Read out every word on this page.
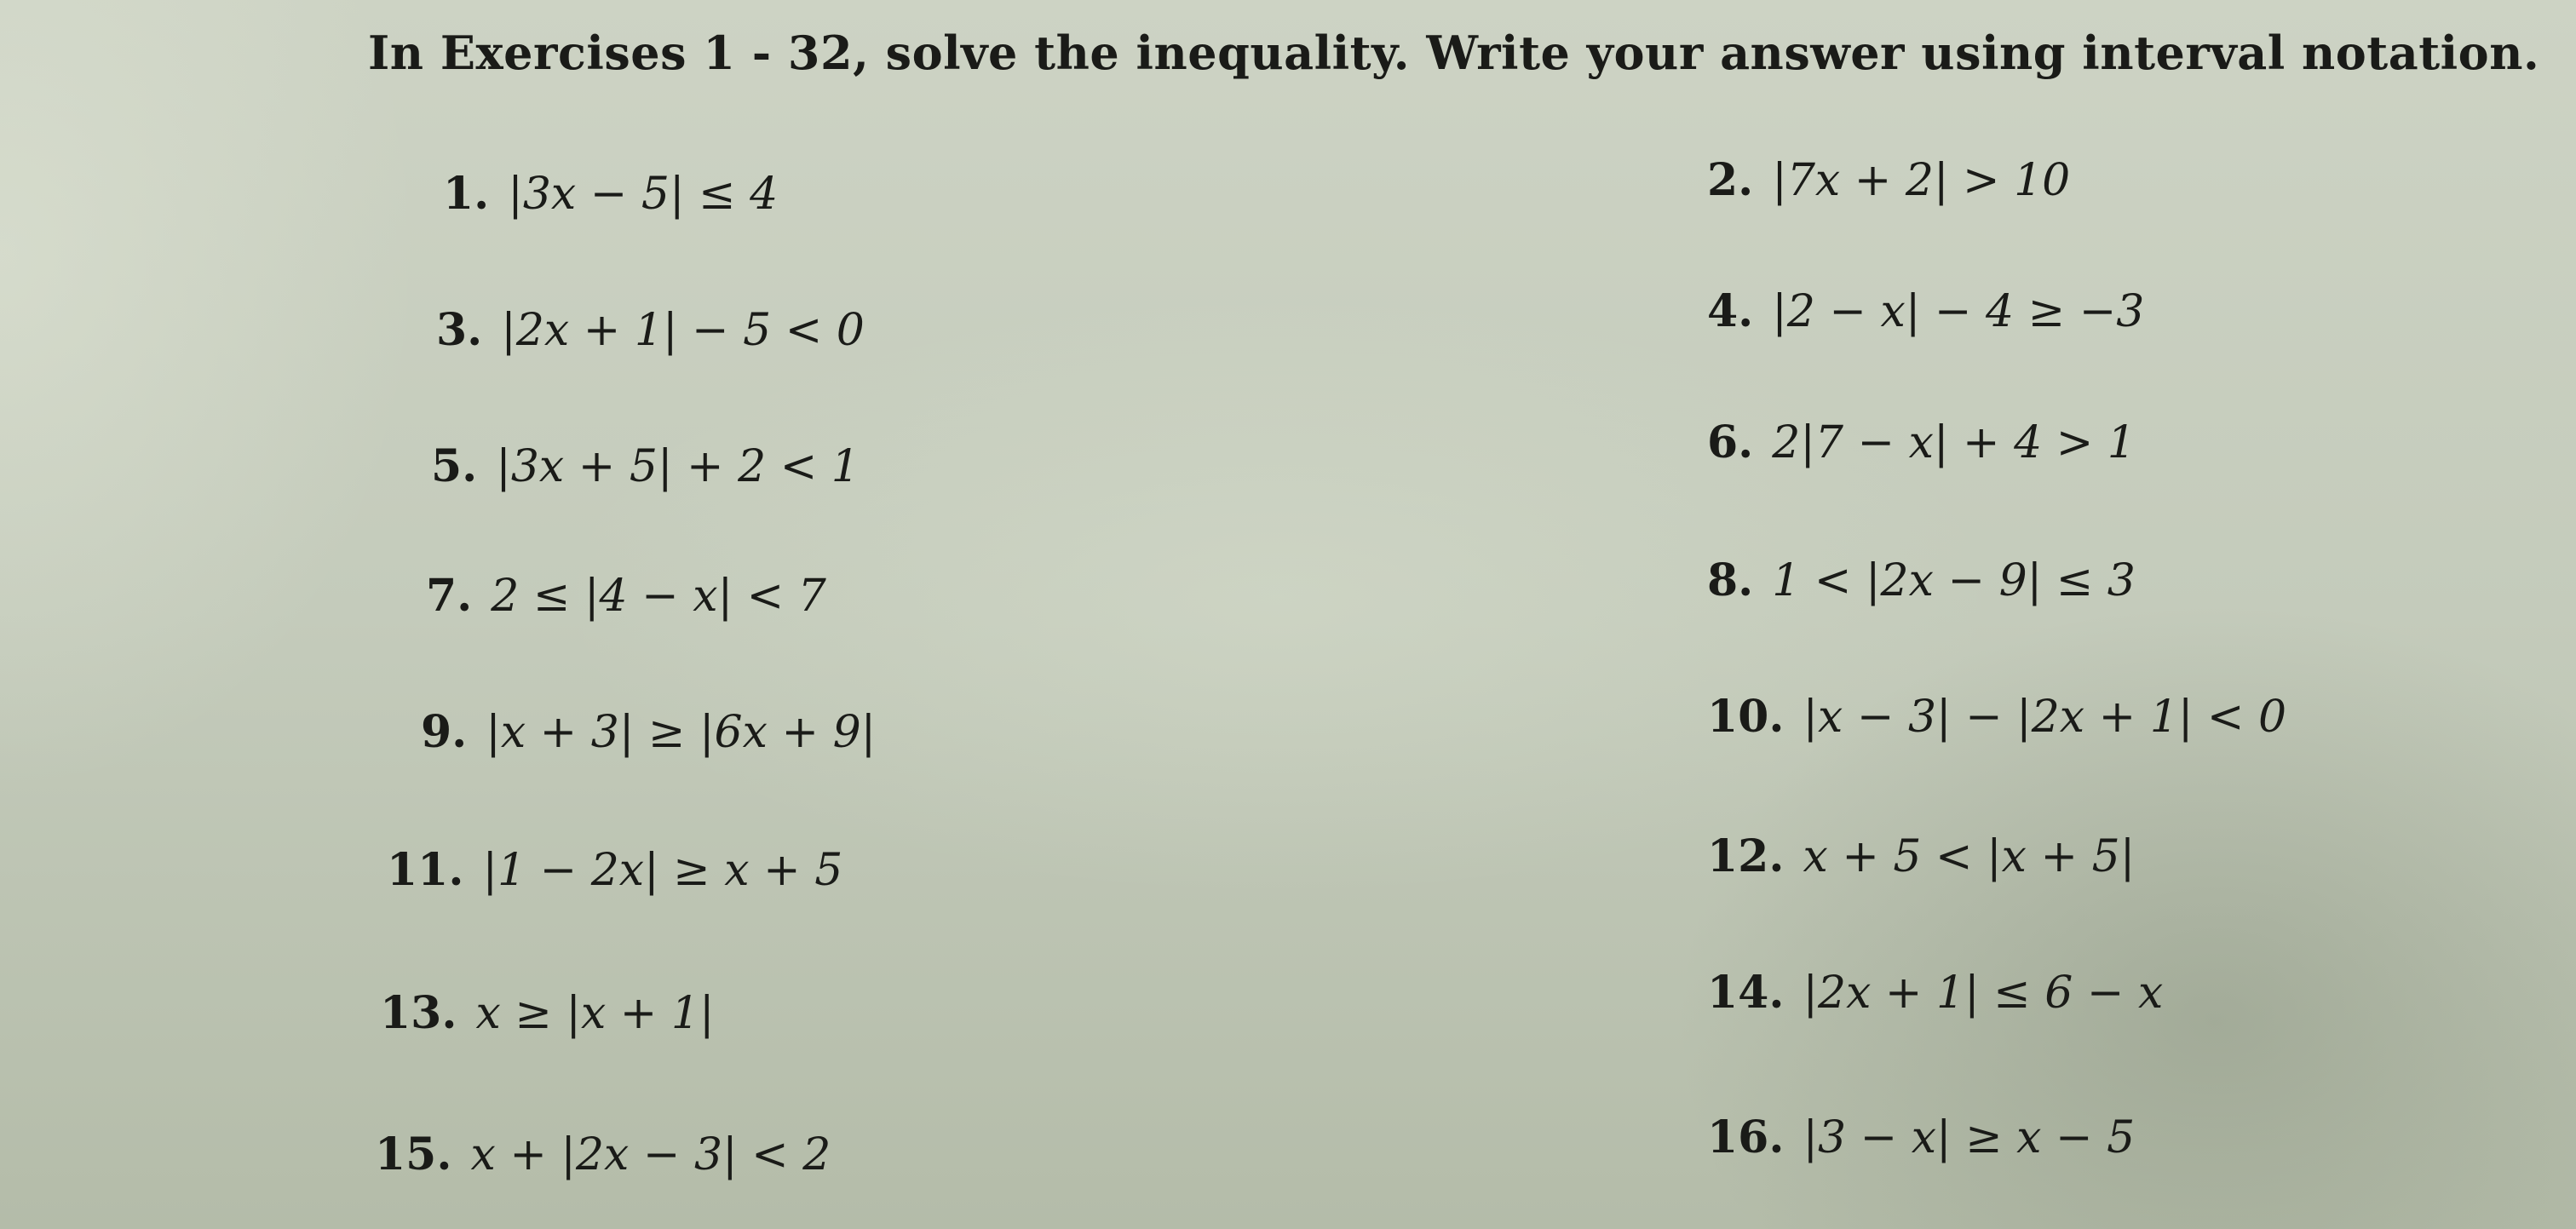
In Exercises 1 - 32, solve the inequality. Write your answer using interval notation.
1. |3x − 5| ≤ 4	2. |7x + 2| > 10
3. |2x + 1| − 5 < 0	4. |2 − x| − 4 ≥ −3
5. |3x + 5| + 2 < 1	6. 2|7 − x| + 4 > 1
7. 2 ≤ |4 − x| < 7	8. 1 < |2x − 9| ≤ 3
9. |x + 3| ≥ |6x + 9|	10. |x − 3| − |2x + 1| < 0
11. |1 − 2x| ≥ x + 5	12. x + 5 < |x + 5|
13. x ≥ |x + 1|	14. |2x + 1| ≤ 6 − x
15. x + |2x − 3| < 2	16. |3 − x| ≥ x − 5
